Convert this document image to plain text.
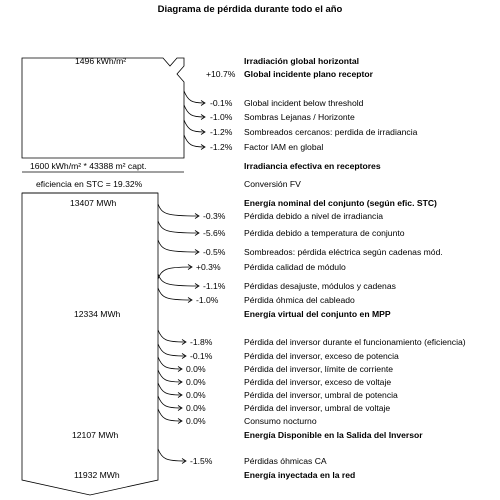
Diagrama de pérdida durante todo el año
1496 kWh/m²	Irradiación global horizontal
+10.7% Global incidente plano receptor
-0.1% Global incident below threshold
-1.0% Sombras Lejanas / Horizonte
-1.2% Sombreados cercanos: perdida de irradiancia
-1.2% Factor IAM en global
1600 kWh/m² * 43388 m² capt.	Irradiancia efectiva en receptores
eficiencia en STC = 19.32%	Conversión FV
13407 MWh	Energía nominal del conjunto (según efic. STC)
-0.3% Pérdida debido a nivel de irradiancia
-5.6% Pérdida debido a temperatura de conjunto
-0.5% Sombreados: pérdida eléctrica según cadenas mód.
+0.3%	Pérdida calidad de módulo
-1.1% Pérdidas desajuste, módulos y cadenas
-1.0%	Pérdida óhmica del cableado
12334 MWh	Energía virtual del conjunto en MPP
-1.8%	Pérdida del inversor durante el funcionamiento (eficiencia)
-0.1%	Pérdida del inversor, exceso de potencia
0.0%	Pérdida del inversor, límite de corriente
0.0%	Pérdida del inversor, exceso de voltaje
0.0%	Pérdida del inversor, umbral de potencia
0.0%	Pérdida del inversor, umbral de voltaje
0.0%	Consumo nocturno
12107 MWh	Energía Disponible en la Salida del Inversor
-1.5%	Pérdidas óhmicas CA
11932 MWh	Energía inyectada en la red
